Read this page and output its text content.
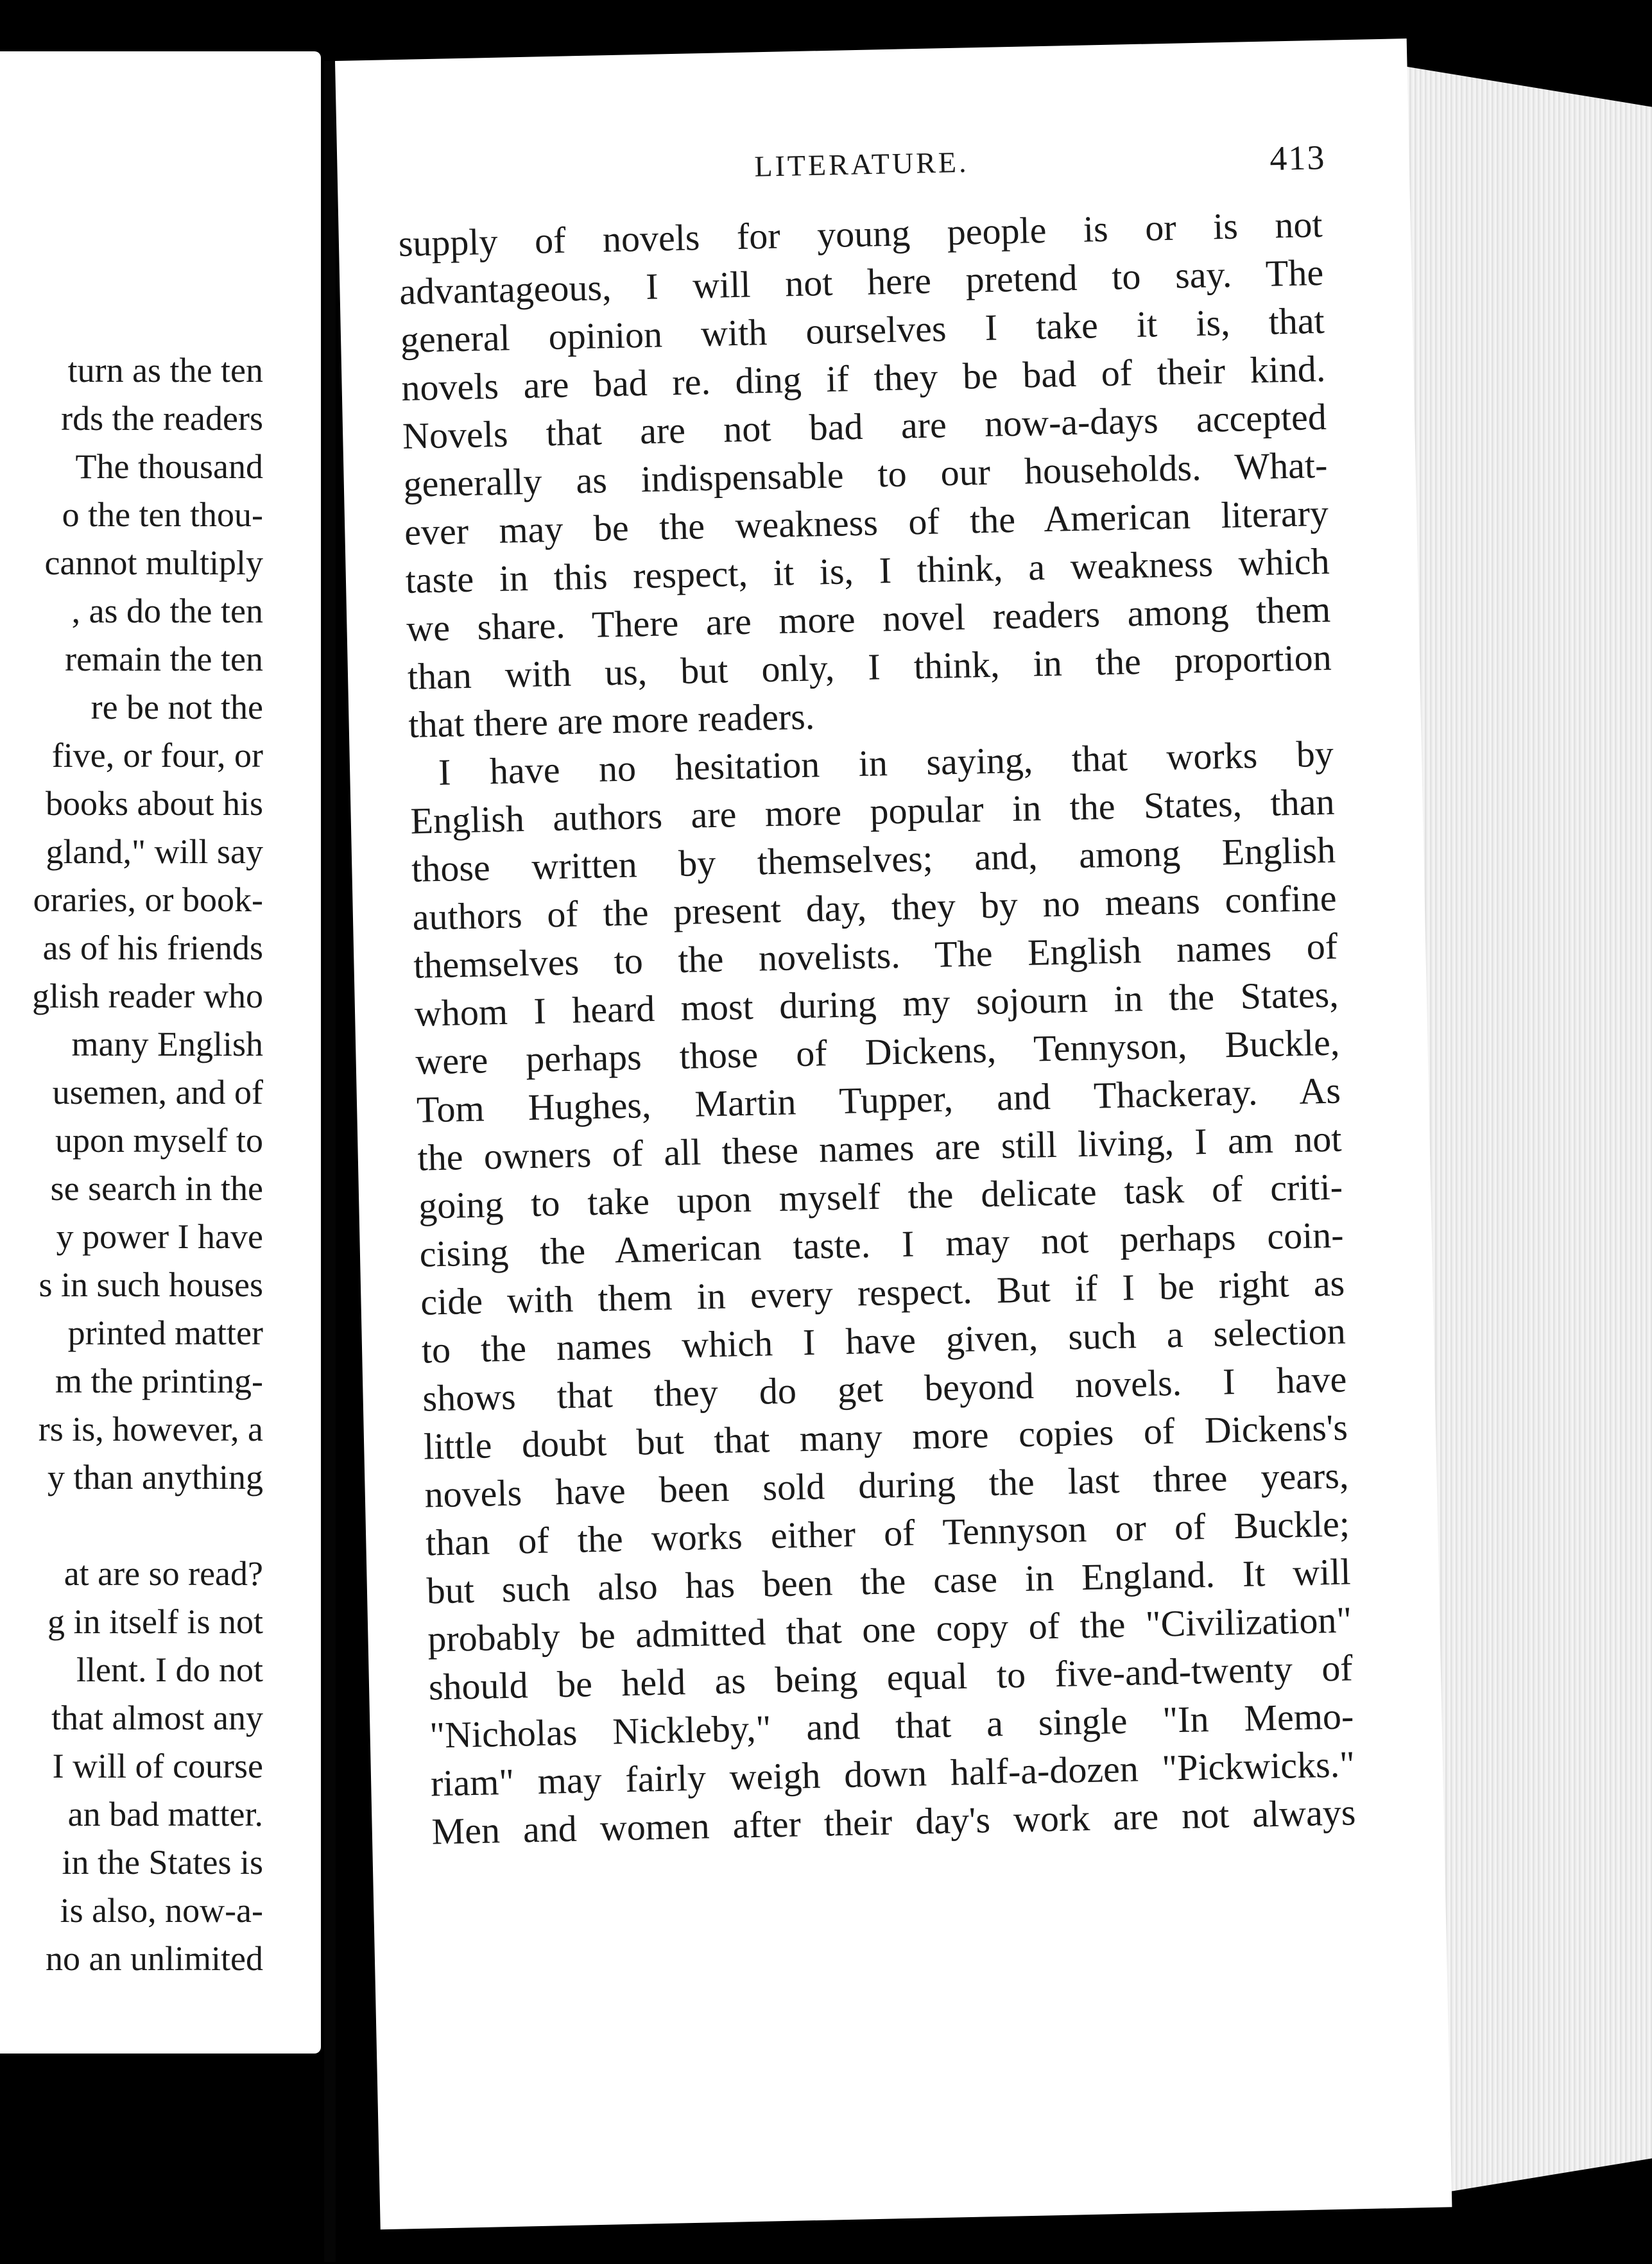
turn as the ten
rds the readers
The thousand
o the ten thou-
cannot multiply
, as do the ten
remain the ten
re be not the
five, or four, or
books about his
gland," will say
oraries, or book-
as of his friends
glish reader who
many English
usemen, and of
upon myself to
se search in the
y power I have
s in such houses
printed matter
m the printing-
rs is, however, a
y than anything
at are so read?
g in itself is not
llent. I do not
that almost any
I will of course
an bad matter.
in the States is
is also, now-a-
no an unlimited
LITERATURE.	413
supply of novels for young people is or is not
advantageous, I will not here pretend to say. The
general opinion with ourselves I take it is, that
novels are bad re. ding if they be bad of their kind.
Novels that are not bad are now-a-days accepted
generally as indispensable to our households. What-
ever may be the weakness of the American literary
taste in this respect, it is, I think, a weakness which
we share. There are more novel readers among them
than with us, but only, I think, in the proportion
that there are more readers.
I have no hesitation in saying, that works by
English authors are more popular in the States, than
those written by themselves; and, among English
authors of the present day, they by no means confine
themselves to the novelists. The English names of
whom I heard most during my sojourn in the States,
were perhaps those of Dickens, Tennyson, Buckle,
Tom Hughes, Martin Tupper, and Thackeray. As
the owners of all these names are still living, I am not
going to take upon myself the delicate task of criti-
cising the American taste. I may not perhaps coin-
cide with them in every respect. But if I be right as
to the names which I have given, such a selection
shows that they do get beyond novels. I have
little doubt but that many more copies of Dickens's
novels have been sold during the last three years,
than of the works either of Tennyson or of Buckle;
but such also has been the case in England. It will
probably be admitted that one copy of the "Civilization"
should be held as being equal to five-and-twenty of
"Nicholas Nickleby," and that a single "In Memo-
riam" may fairly weigh down half-a-dozen "Pickwicks."
Men and women after their day's work are not always
